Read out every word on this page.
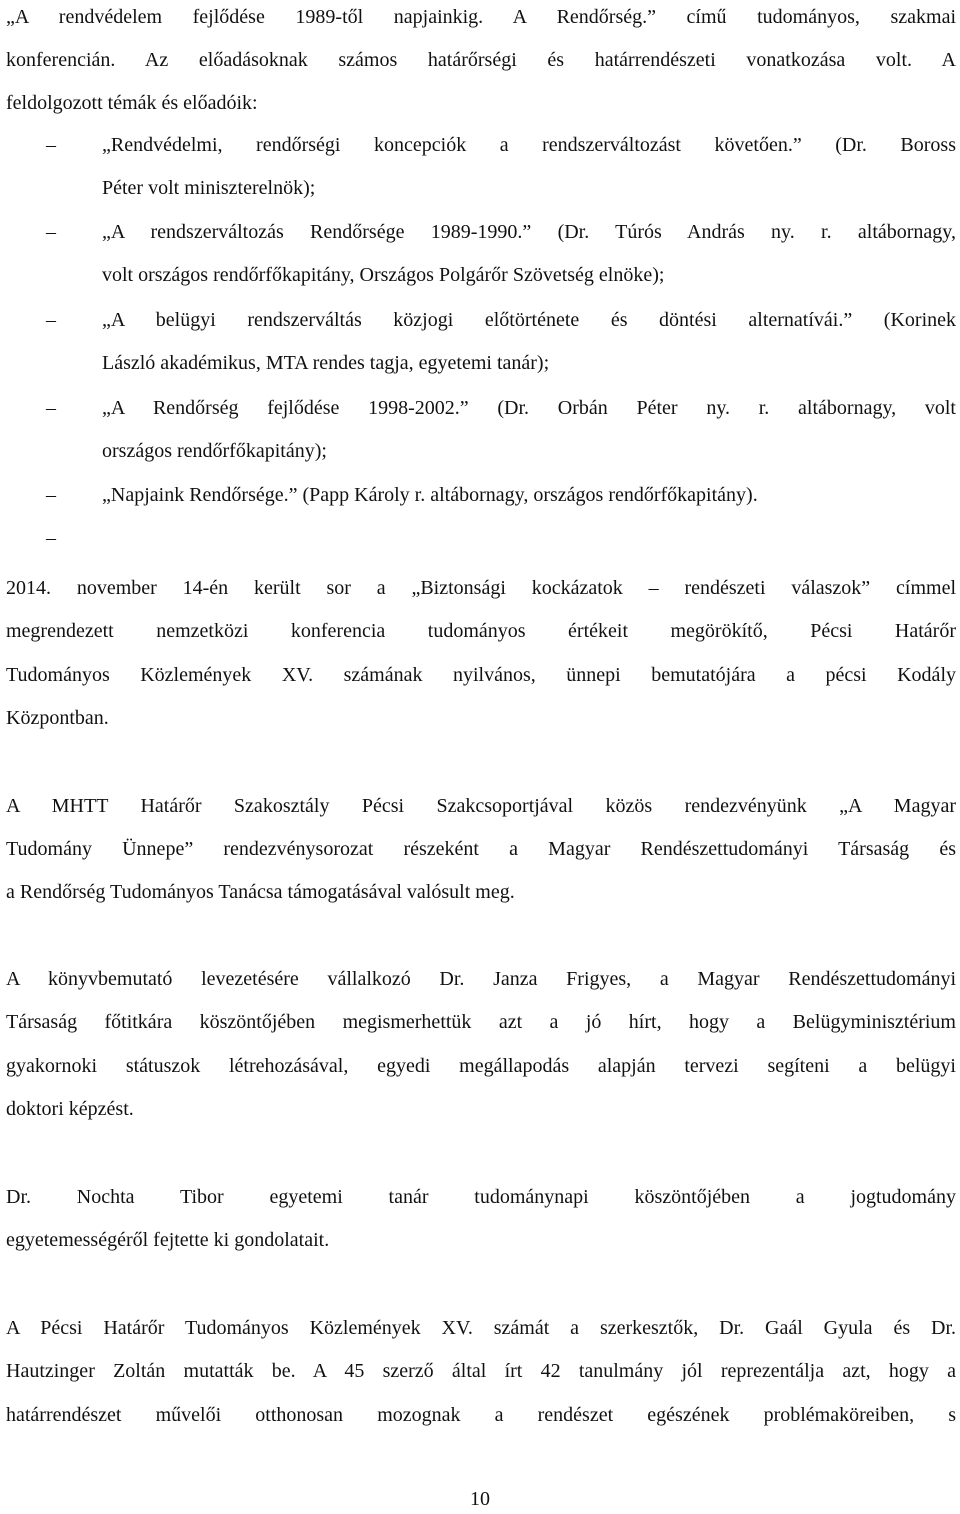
„A rendvédelem fejlődése 1989-től napjainkig. A Rendőrség.” című tudományos, szakmai
konferencián. Az előadásoknak számos határőrségi és határrendészeti vonatkozása volt. A
feldolgozott témák és előadóik:
– „Rendvédelmi, rendőrségi koncepciók a rendszerváltozást követően.” (Dr. Boross
Péter volt miniszterelnök);
– „A rendszerváltozás Rendőrsége 1989-1990.” (Dr. Túrós András ny. r. altábornagy,
volt országos rendőrfőkapitány, Országos Polgárőr Szövetség elnöke);
– „A belügyi rendszerváltás közjogi előtörténete és döntési alternatívái.” (Korinek
László akadémikus, MTA rendes tagja, egyetemi tanár);
– „A Rendőrség fejlődése 1998-2002.” (Dr. Orbán Péter ny. r. altábornagy, volt
országos rendőrfőkapitány);
– „Napjaink Rendőrsége.” (Papp Károly r. altábornagy, országos rendőrfőkapitány).
–
2014. november 14-én került sor a „Biztonsági kockázatok – rendészeti válaszok” címmel
megrendezett nemzetközi konferencia tudományos értékeit megörökítő, Pécsi Határőr
Tudományos Közlemények XV. számának nyilvános, ünnepi bemutatójára a pécsi Kodály
Központban.
A MHTT Határőr Szakosztály Pécsi Szakcsoportjával közös rendezvényünk „A Magyar
Tudomány Ünnepe” rendezvénysorozat részeként a Magyar Rendészettudományi Társaság és
a Rendőrség Tudományos Tanácsa támogatásával valósult meg.
A könyvbemutató levezetésére vállalkozó Dr. Janza Frigyes, a Magyar Rendészettudományi
Társaság főtitkára köszöntőjében megismerhettük azt a jó hírt, hogy a Belügyminisztérium
gyakornoki státuszok létrehozásával, egyedi megállapodás alapján tervezi segíteni a belügyi
doktori képzést.
Dr. Nochta Tibor egyetemi tanár tudománynapi köszöntőjében a jogtudomány
egyetemességéről fejtette ki gondolatait.
A Pécsi Határőr Tudományos Közlemények XV. számát a szerkesztők, Dr. Gaál Gyula és Dr.
Hautzinger Zoltán mutatták be. A 45 szerző által írt 42 tanulmány jól reprezentálja azt, hogy a
határrendészet művelői otthonosan mozognak a rendészet egészének problémaköreiben, s
10
